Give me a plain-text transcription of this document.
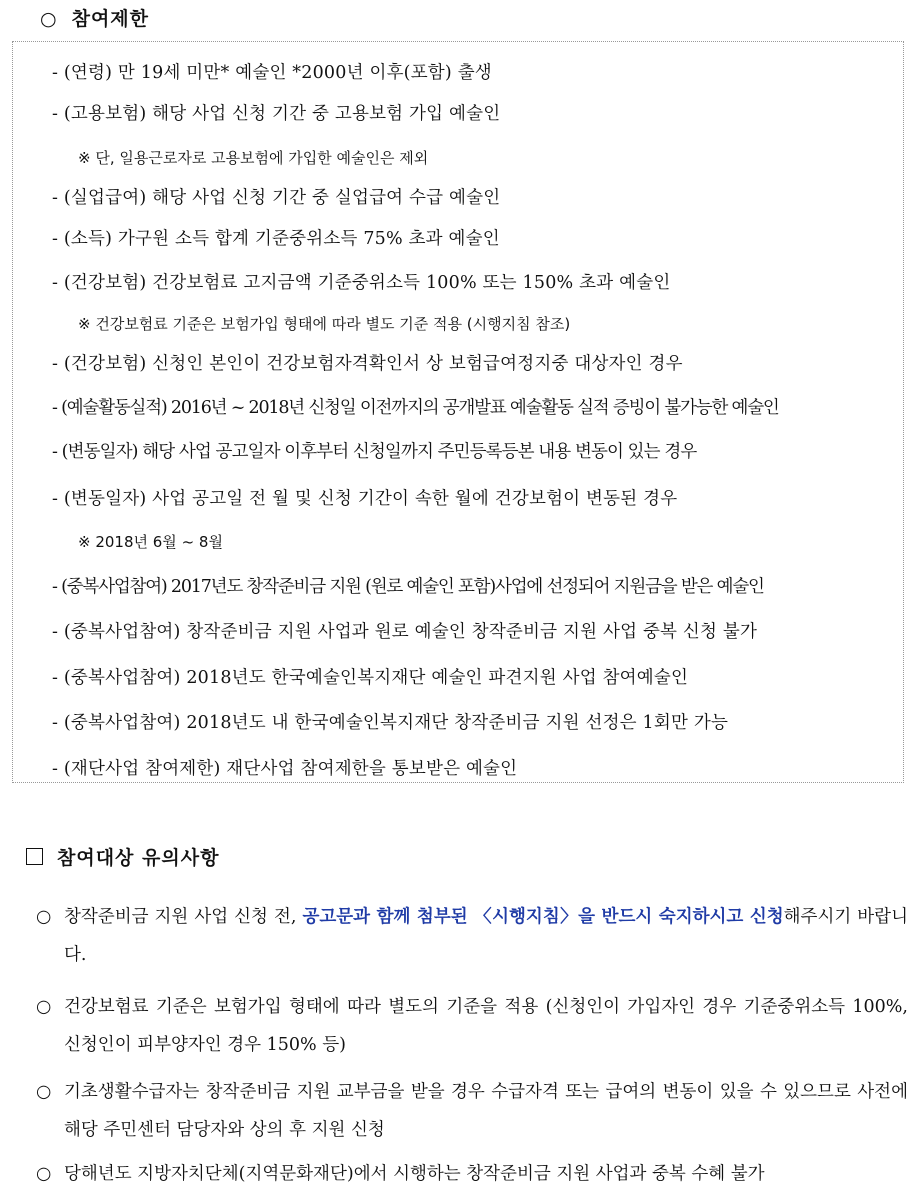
○ 참여제한
- (연령) 만 19세 미만* 예술인 *2000년 이후(포함) 출생
- (고용보험) 해당 사업 신청 기간 중 고용보험 가입 예술인
※ 단, 일용근로자로 고용보험에 가입한 예술인은 제외
- (실업급여) 해당 사업 신청 기간 중 실업급여 수급 예술인
- (소득) 가구원 소득 합계 기준중위소득 75% 초과 예술인
- (건강보험) 건강보험료 고지금액 기준중위소득 100% 또는 150% 초과 예술인
※ 건강보험료 기준은 보험가입 형태에 따라 별도 기준 적용 (시행지침 참조)
- (건강보험) 신청인 본인이 건강보험자격확인서 상 보험급여정지중 대상자인 경우
- (예술활동실적) 2016년 ~ 2018년 신청일 이전까지의 공개발표 예술활동 실적 증빙이 불가능한 예술인
- (변동일자) 해당 사업 공고일자 이후부터 신청일까지 주민등록등본 내용 변동이 있는 경우
- (변동일자) 사업 공고일 전 월 및 신청 기간이 속한 월에 건강보험이 변동된 경우
※ 2018년 6월 ~ 8월
- (중복사업참여) 2017년도 창작준비금 지원 (원로 예술인 포함)사업에 선정되어 지원금을 받은 예술인
- (중복사업참여) 창작준비금 지원 사업과 원로 예술인 창작준비금 지원 사업 중복 신청 불가
- (중복사업참여) 2018년도 한국예술인복지재단 예술인 파견지원 사업 참여예술인
- (중복사업참여) 2018년도 내 한국예술인복지재단 창작준비금 지원 선정은 1회만 가능
- (재단사업 참여제한) 재단사업 참여제한을 통보받은 예술인
참여대상 유의사항
○ 창작준비금 지원 사업 신청 전, 공고문과 함께 첨부된 〈시행지침〉을 반드시 숙지하시고 신청해주시기 바랍니다.
○ 건강보험료 기준은 보험가입 형태에 따라 별도의 기준을 적용 (신청인이 가입자인 경우 기준중위소득 100%, 신청인이 피부양자인 경우 150% 등)
○ 기초생활수급자는 창작준비금 지원 교부금을 받을 경우 수급자격 또는 급여의 변동이 있을 수 있으므로 사전에 해당 주민센터 담당자와 상의 후 지원 신청
○ 당해년도 지방자치단체(지역문화재단)에서 시행하는 창작준비금 지원 사업과 중복 수혜 불가
